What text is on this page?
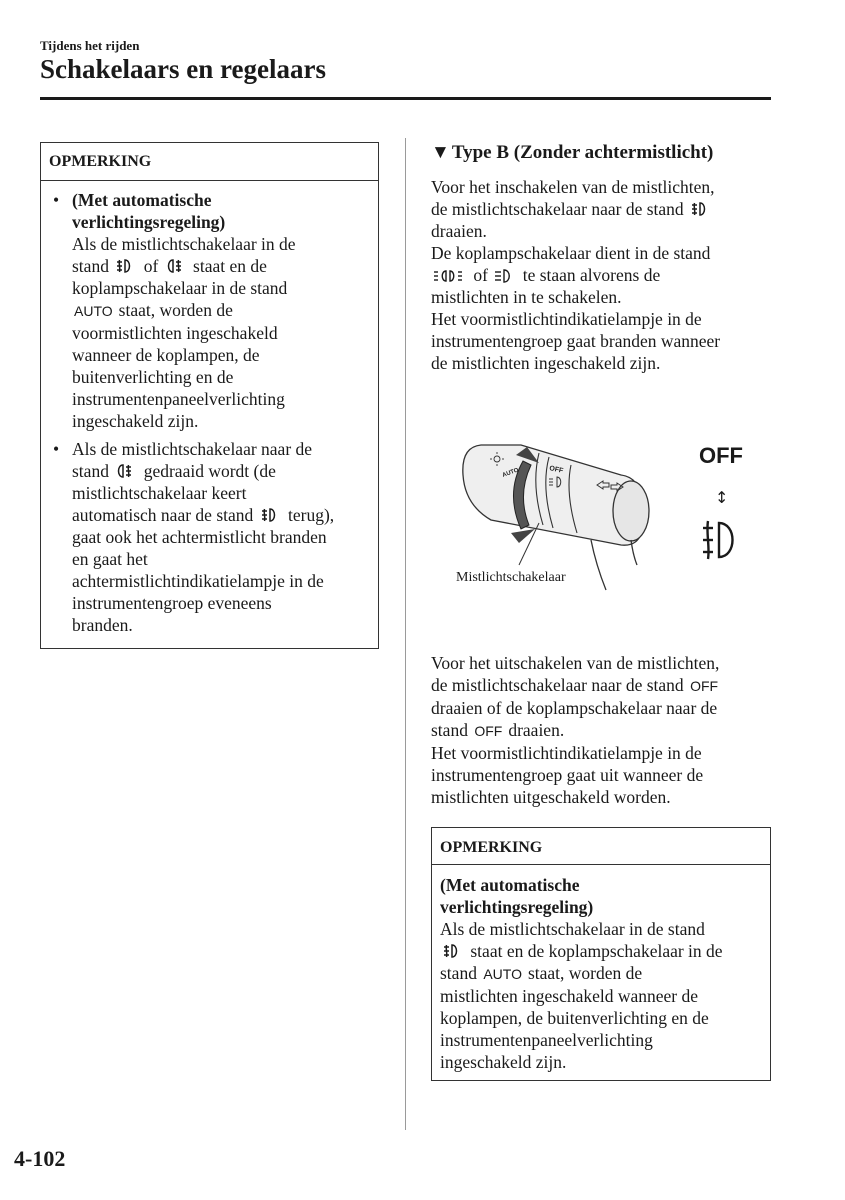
Tijdens het rijden
Schakelaars en regelaars
OPMERKING
• (Met automatische
verlichtingsregeling)
Als de mistlichtschakelaar in de
stand of staat en de
koplampschakelaar in de stand
AUTO staat, worden de
voormistlichten ingeschakeld
wanneer de koplampen, de
buitenverlichting en de
instrumentenpaneelverlichting
ingeschakeld zijn.
• Als de mistlichtschakelaar naar de
stand gedraaid wordt (de
mistlichtschakelaar keert
automatisch naar de stand terug),
gaat ook het achtermistlicht branden
en gaat het
achtermistlichtindikatielampje in de
instrumentengroep eveneens
branden.
▼ Type B (Zonder achtermistlicht)
Voor het inschakelen van de mistlichten,
de mistlichtschakelaar naar de stand
draaien.
De koplampschakelaar dient in de stand
of te staan alvorens de
mistlichten in te schakelen.
Het voormistlichtindikatielampje in de
instrumentengroep gaat branden wanneer
de mistlichten ingeschakeld zijn.
OFF
AUTO
OFF
↕
Mistlichtschakelaar
Voor het uitschakelen van de mistlichten,
de mistlichtschakelaar naar de stand OFF
draaien of de koplampschakelaar naar de
stand OFF draaien.
Het voormistlichtindikatielampje in de
instrumentengroep gaat uit wanneer de
mistlichten uitgeschakeld worden.
OPMERKING
(Met automatische
verlichtingsregeling)
Als de mistlichtschakelaar in de stand
staat en de koplampschakelaar in de
stand AUTO staat, worden de
mistlichten ingeschakeld wanneer de
koplampen, de buitenverlichting en de
instrumentenpaneelverlichting
ingeschakeld zijn.
4-102
